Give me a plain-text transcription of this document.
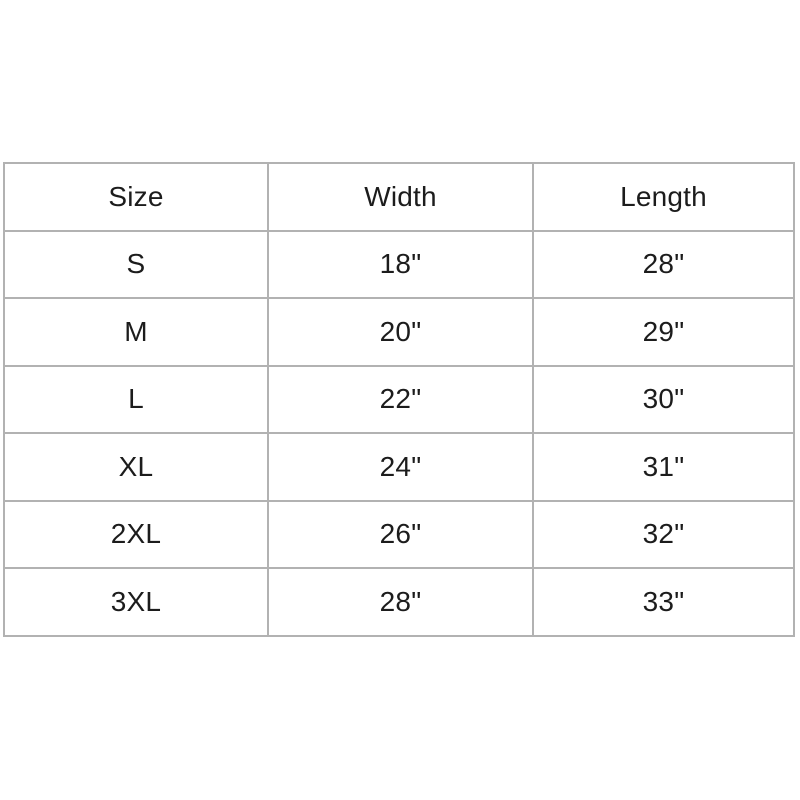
Size	Width	Length
S	18"	28"
M	20"	29"
L	22"	30"
XL	24"	31"
2XL	26"	32"
3XL	28"	33"
